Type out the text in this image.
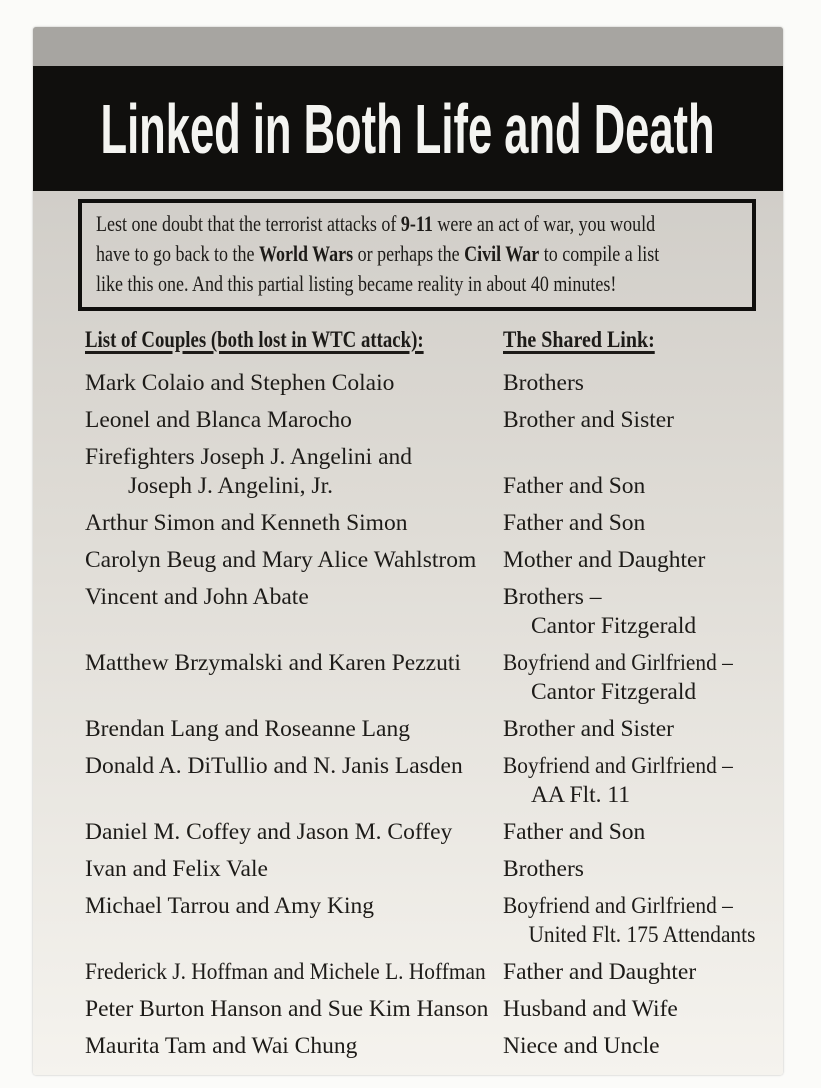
Linked in Both Life and Death
Lest one doubt that the terrorist attacks of 9-11 were an act of war, you would
have to go back to the World Wars or perhaps the Civil War to compile a list
like this one. And this partial listing became reality in about 40 minutes!
List of Couples (both lost in WTC attack):	The Shared Link:
Mark Colaio and Stephen Colaio	Brothers
Leonel and Blanca Marocho	Brother and Sister
Firefighters Joseph J. Angelini and
Joseph J. Angelini, Jr.	Father and Son
Arthur Simon and Kenneth Simon	Father and Son
Carolyn Beug and Mary Alice Wahlstrom	Mother and Daughter
Vincent and John Abate	Brothers –
Cantor Fitzgerald
Matthew Brzymalski and Karen Pezzuti	Boyfriend and Girlfriend –
Cantor Fitzgerald
Brendan Lang and Roseanne Lang	Brother and Sister
Donald A. DiTullio and N. Janis Lasden	Boyfriend and Girlfriend –
AA Flt. 11
Daniel M. Coffey and Jason M. Coffey	Father and Son
Ivan and Felix Vale	Brothers
Michael Tarrou and Amy King	Boyfriend and Girlfriend –
United Flt. 175 Attendants
Frederick J. Hoffman and Michele L. Hoffman Father and Daughter
Peter Burton Hanson and Sue Kim Hanson Husband and Wife
Maurita Tam and Wai Chung	Niece and Uncle
